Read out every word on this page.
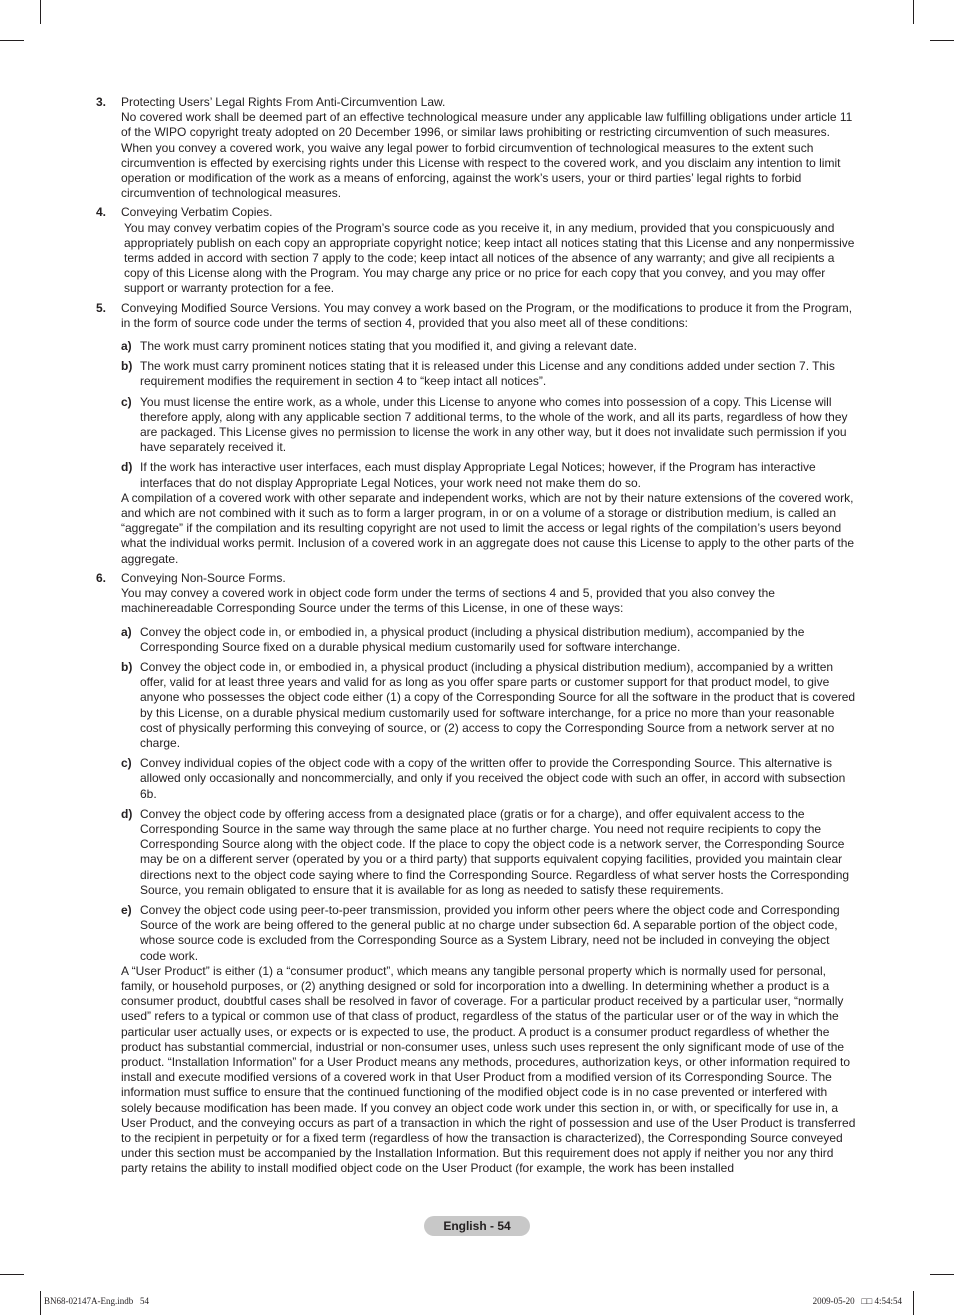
3. Protecting Users’ Legal Rights From Anti-Circumvention Law.

No covered work shall be deemed part of an effective technological measure under any applicable law fulfilling obligations under article 11 of the WIPO copyright treaty adopted on 20 December 1996, or similar laws prohibiting or restricting circumvention of such measures. When you convey a covered work, you waive any legal power to forbid circumvention of technological measures to the extent such circumvention is effected by exercising rights under this License with respect to the covered work, and you disclaim any intention to limit operation or modification of the work as a means of enforcing, against the work’s users, your or third parties’ legal rights to forbid circumvention of technological measures.

4. Conveying Verbatim Copies.

You may convey verbatim copies of the Program’s source code as you receive it, in any medium, provided that you conspicuously and appropriately publish on each copy an appropriate copyright notice; keep intact all notices stating that this License and any nonpermissive terms added in accord with section 7 apply to the code; keep intact all notices of the absence of any warranty; and give all recipients a copy of this License along with the Program. You may charge any price or no price for each copy that you convey, and you may offer support or warranty protection for a fee.

5. Conveying Modified Source Versions. You may convey a work based on the Program, or the modifications to produce it from the Program, in the form of source code under the terms of section 4, provided that you also meet all of these conditions:

a) The work must carry prominent notices stating that you modified it, and giving a relevant date.
b) The work must carry prominent notices stating that it is released under this License and any conditions added under section 7. This requirement modifies the requirement in section 4 to “keep intact all notices”.
c) You must license the entire work, as a whole, under this License to anyone who comes into possession of a copy. This License will therefore apply, along with any applicable section 7 additional terms, to the whole of the work, and all its parts, regardless of how they are packaged. This License gives no permission to license the work in any other way, but it does not invalidate such permission if you have separately received it.
d) If the work has interactive user interfaces, each must display Appropriate Legal Notices; however, if the Program has interactive interfaces that do not display Appropriate Legal Notices, your work need not make them do so.

A compilation of a covered work with other separate and independent works, which are not by their nature extensions of the covered work, and which are not combined with it such as to form a larger program, in or on a volume of a storage or distribution medium, is called an “aggregate” if the compilation and its resulting copyright are not used to limit the access or legal rights of the compilation’s users beyond what the individual works permit. Inclusion of a covered work in an aggregate does not cause this License to apply to the other parts of the aggregate.

6. Conveying Non-Source Forms.

You may convey a covered work in object code form under the terms of sections 4 and 5, provided that you also convey the machinereadable Corresponding Source under the terms of this License, in one of these ways:

a) Convey the object code in, or embodied in, a physical product (including a physical distribution medium), accompanied by the Corresponding Source fixed on a durable physical medium customarily used for software interchange.
b) Convey the object code in, or embodied in, a physical product (including a physical distribution medium), accompanied by a written offer, valid for at least three years and valid for as long as you offer spare parts or customer support for that product model, to give anyone who possesses the object code either (1) a copy of the Corresponding Source for all the software in the product that is covered by this License, on a durable physical medium customarily used for software interchange, for a price no more than your reasonable cost of physically performing this conveying of source, or (2) access to copy the Corresponding Source from a network server at no charge.
c) Convey individual copies of the object code with a copy of the written offer to provide the Corresponding Source. This alternative is allowed only occasionally and noncommercially, and only if you received the object code with such an offer, in accord with subsection 6b.
d) Convey the object code by offering access from a designated place (gratis or for a charge), and offer equivalent access to the Corresponding Source in the same way through the same place at no further charge. You need not require recipients to copy the Corresponding Source along with the object code. If the place to copy the object code is a network server, the Corresponding Source may be on a different server (operated by you or a third party) that supports equivalent copying facilities, provided you maintain clear directions next to the object code saying where to find the Corresponding Source. Regardless of what server hosts the Corresponding Source, you remain obligated to ensure that it is available for as long as needed to satisfy these requirements.
e) Convey the object code using peer-to-peer transmission, provided you inform other peers where the object code and Corresponding Source of the work are being offered to the general public at no charge under subsection 6d. A separable portion of the object code, whose source code is excluded from the Corresponding Source as a System Library, need not be included in conveying the object code work.

A “User Product” is either (1) a “consumer product”, which means any tangible personal property which is normally used for personal, family, or household purposes, or (2) anything designed or sold for incorporation into a dwelling. In determining whether a product is a consumer product, doubtful cases shall be resolved in favor of coverage. For a particular product received by a particular user, “normally used” refers to a typical or common use of that class of product, regardless of the status of the particular user or of the way in which the particular user actually uses, or expects or is expected to use, the product. A product is a consumer product regardless of whether the product has substantial commercial, industrial or non-consumer uses, unless such uses represent the only significant mode of use of the product. “Installation Information” for a User Product means any methods, procedures, authorization keys, or other information required to install and execute modified versions of a covered work in that User Product from a modified version of its Corresponding Source. The information must suffice to ensure that the continued functioning of the modified object code is in no case prevented or interfered with solely because modification has been made. If you convey an object code work under this section in, or with, or specifically for use in, a User Product, and the conveying occurs as part of a transaction in which the right of possession and use of the User Product is transferred to the recipient in perpetuity or for a fixed term (regardless of how the transaction is characterized), the Corresponding Source conveyed under this section must be accompanied by the Installation Information. But this requirement does not apply if neither you nor any third party retains the ability to install modified object code on the User Product (for example, the work has been installed

English - 54
BN68-02147A-Eng.indb   54	2009-05-20   □□ 4:54:54
